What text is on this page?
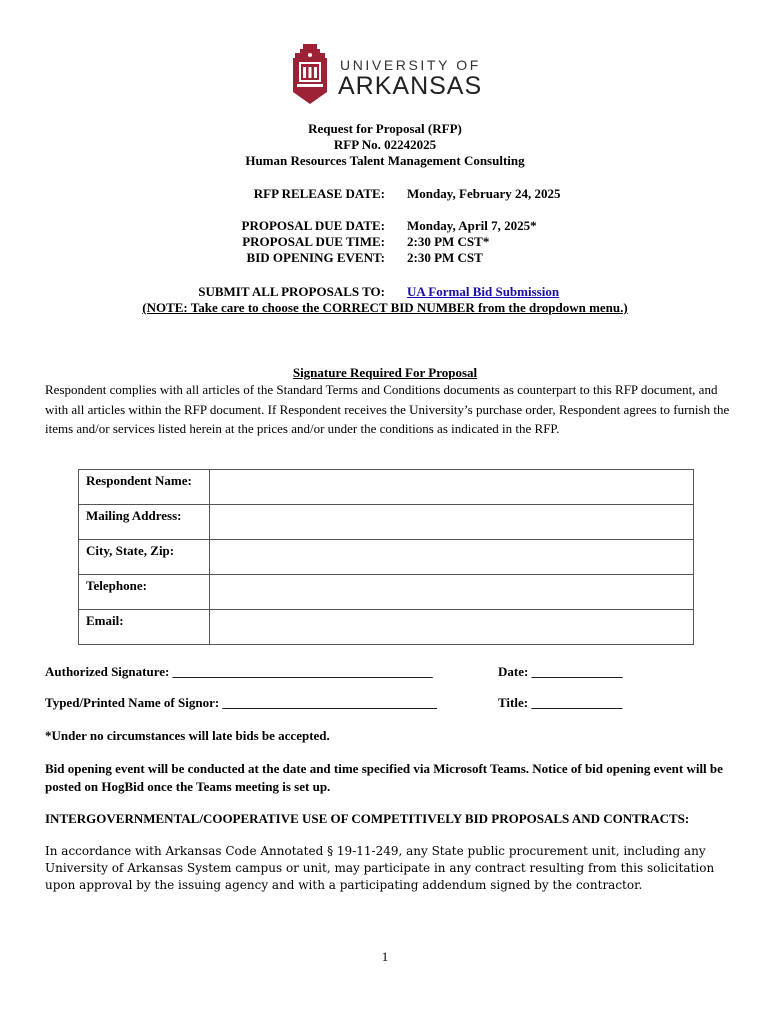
UNIVERSITY OF
ARKANSAS
Request for Proposal (RFP)
RFP No. 02242025
Human Resources Talent Management Consulting
RFP RELEASE DATE: Monday, February 24, 2025
PROPOSAL DUE DATE: Monday, April 7, 2025*
PROPOSAL DUE TIME: 2:30 PM CST*
BID OPENING EVENT: 2:30 PM CST
SUBMIT ALL PROPOSALS TO: UA Formal Bid Submission
(NOTE: Take care to choose the CORRECT BID NUMBER from the dropdown menu.)
Signature Required For Proposal
Respondent complies with all articles of the Standard Terms and Conditions documents as counterpart to this RFP document, and with all articles within the RFP document. If Respondent receives the University’s purchase order, Respondent agrees to furnish the items and/or services listed herein at the prices and/or under the conditions as indicated in the RFP.
Respondent Name:	
Mailing Address:	
City, State, Zip:	
Telephone:	
Email:	
Authorized Signature: ________________________________________	Date: ______________
Typed/Printed Name of Signor: _________________________________	Title: ______________
*Under no circumstances will late bids be accepted.
Bid opening event will be conducted at the date and time specified via Microsoft Teams. Notice of bid opening event will be posted on HogBid once the Teams meeting is set up.
INTERGOVERNMENTAL/COOPERATIVE USE OF COMPETITIVELY BID PROPOSALS AND CONTRACTS:
In accordance with Arkansas Code Annotated § 19-11-249, any State public procurement unit, including any University of Arkansas System campus or unit, may participate in any contract resulting from this solicitation upon approval by the issuing agency and with a participating addendum signed by the contractor.
1
